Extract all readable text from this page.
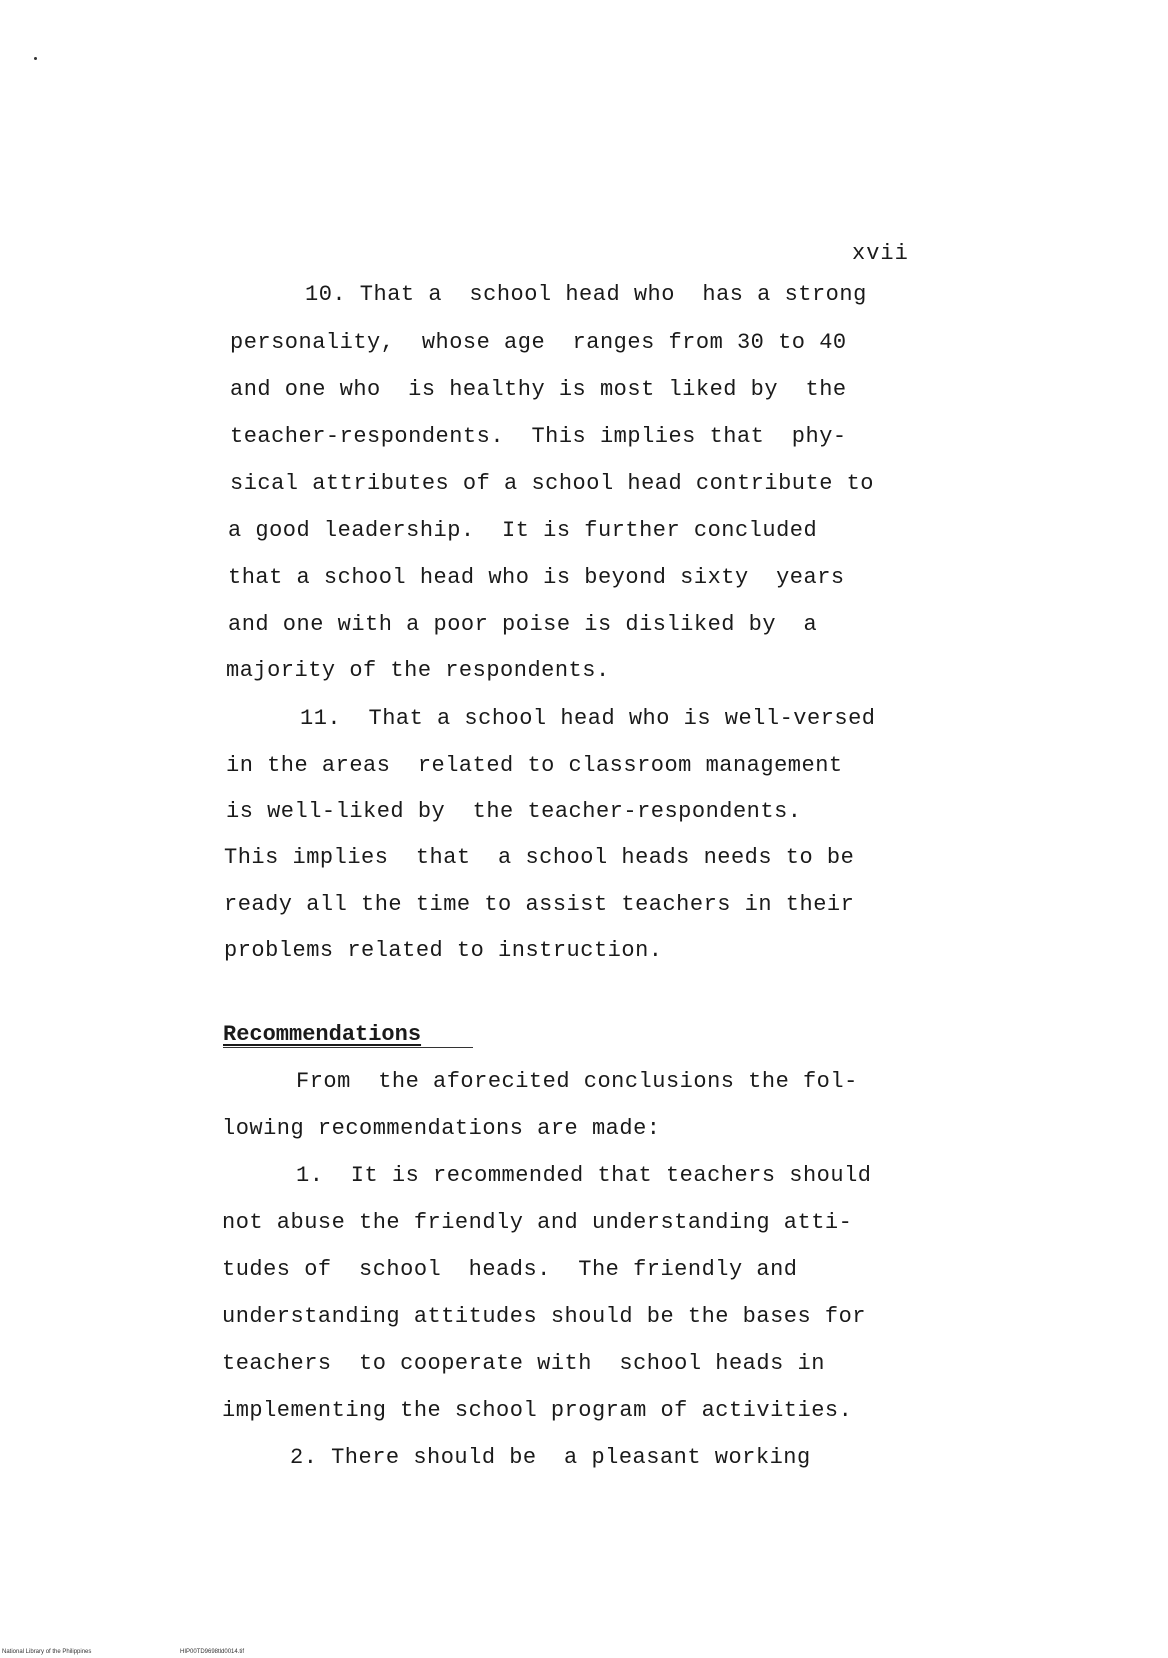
xvii
10. That a  school head who  has a strong
personality,  whose age  ranges from 30 to 40
and one who  is healthy is most liked by  the
teacher-respondents.  This implies that  phy-
sical attributes of a school head contribute to
a good leadership.  It is further concluded
that a school head who is beyond sixty  years
and one with a poor poise is disliked by  a
majority of the respondents.
11.  That a school head who is well-versed
in the areas  related to classroom management
is well-liked by  the teacher-respondents.
This implies  that  a school heads needs to be
ready all the time to assist teachers in their
problems related to instruction.
Recommendations
From  the aforecited conclusions the fol-
lowing recommendations are made:
1.  It is recommended that teachers should
not abuse the friendly and understanding atti-
tudes of  school  heads.  The friendly and
understanding attitudes should be the bases for
teachers  to cooperate with  school heads in
implementing the school program of activities.
2. There should be  a pleasant working
National Library of the Philippines	HIP00TD9698tld0014.tif
